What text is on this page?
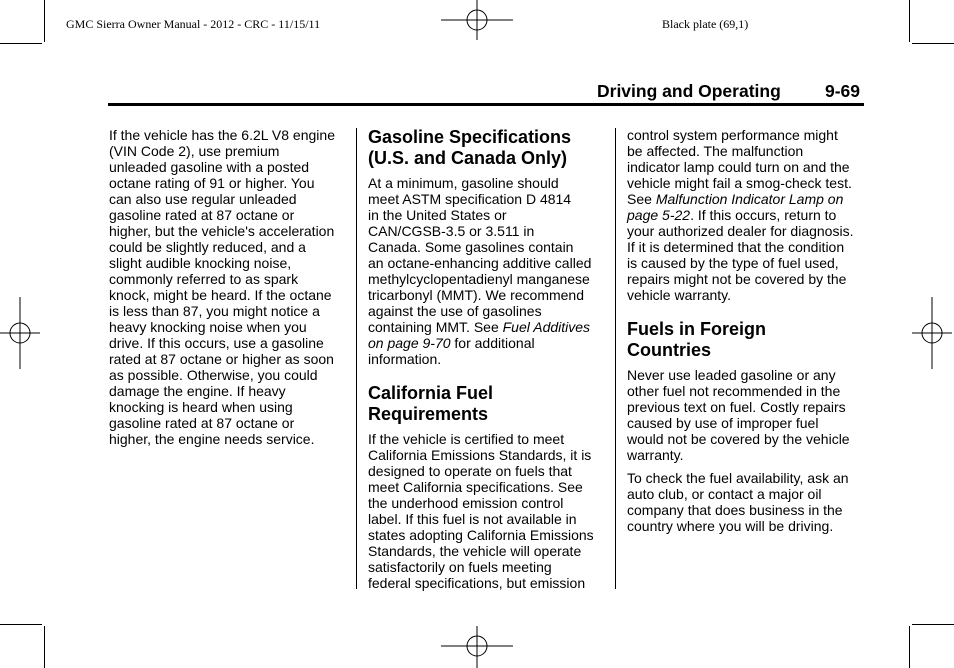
GMC Sierra Owner Manual - 2012 - CRC - 11/15/11	Black plate (69,1)
Driving and Operating	9-69

If the vehicle has the 6.2L V8 engine
(VIN Code 2), use premium
unleaded gasoline with a posted
octane rating of 91 or higher. You
can also use regular unleaded
gasoline rated at 87 octane or
higher, but the vehicle's acceleration
could be slightly reduced, and a
slight audible knocking noise,
commonly referred to as spark
knock, might be heard. If the octane
is less than 87, you might notice a
heavy knocking noise when you
drive. If this occurs, use a gasoline
rated at 87 octane or higher as soon
as possible. Otherwise, you could
damage the engine. If heavy
knocking is heard when using
gasoline rated at 87 octane or
higher, the engine needs service.

Gasoline Specifications
(U.S. and Canada Only)

At a minimum, gasoline should
meet ASTM specification D 4814
in the United States or
CAN/CGSB-3.5 or 3.511 in
Canada. Some gasolines contain
an octane-enhancing additive called
methylcyclopentadienyl manganese
tricarbonyl (MMT). We recommend
against the use of gasolines
containing MMT. See Fuel Additives
on page 9-70 for additional
information.

California Fuel
Requirements

If the vehicle is certified to meet
California Emissions Standards, it is
designed to operate on fuels that
meet California specifications. See
the underhood emission control
label. If this fuel is not available in
states adopting California Emissions
Standards, the vehicle will operate
satisfactorily on fuels meeting
federal specifications, but emission

control system performance might
be affected. The malfunction
indicator lamp could turn on and the
vehicle might fail a smog-check test.
See Malfunction Indicator Lamp on
page 5-22. If this occurs, return to
your authorized dealer for diagnosis.
If it is determined that the condition
is caused by the type of fuel used,
repairs might not be covered by the
vehicle warranty.

Fuels in Foreign
Countries

Never use leaded gasoline or any
other fuel not recommended in the
previous text on fuel. Costly repairs
caused by use of improper fuel
would not be covered by the vehicle
warranty.

To check the fuel availability, ask an
auto club, or contact a major oil
company that does business in the
country where you will be driving.
